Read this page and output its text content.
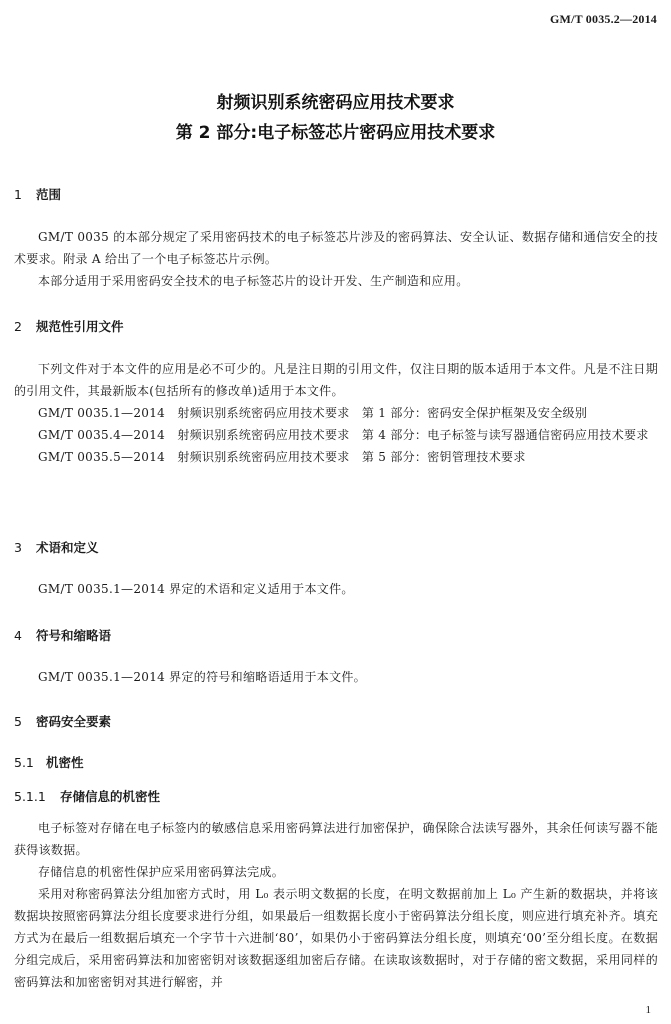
GM/T 0035.2—2014
射频识别系统密码应用技术要求
第 2 部分:电子标签芯片密码应用技术要求
1 范围

GM/T 0035 的本部分规定了采用密码技术的电子标签芯片涉及的密码算法、安全认证、数据存储和通信安全的技术要求。附录 A 给出了一个电子标签芯片示例。

本部分适用于采用密码安全技术的电子标签芯片的设计开发、生产制造和应用。

2 规范性引用文件

下列文件对于本文件的应用是必不可少的。凡是注日期的引用文件，仅注日期的版本适用于本文件。凡是不注日期的引用文件，其最新版本(包括所有的修改单)适用于本文件。

GM/T 0035.1—2014　射频识别系统密码应用技术要求　第 1 部分：密码安全保护框架及安全级别

GM/T 0035.4—2014　射频识别系统密码应用技术要求　第 4 部分：电子标签与读写器通信密码应用技术要求

GM/T 0035.5—2014　射频识别系统密码应用技术要求　第 5 部分：密钥管理技术要求

3 术语和定义

GM/T 0035.1—2014 界定的术语和定义适用于本文件。

4 符号和缩略语

GM/T 0035.1—2014 界定的符号和缩略语适用于本文件。

5 密码安全要素
5.1 机密性
5.1.1 存储信息的机密性

电子标签对存储在电子标签内的敏感信息采用密码算法进行加密保护，确保除合法读写器外，其余任何读写器不能获得该数据。

存储信息的机密性保护应采用密码算法完成。

采用对称密码算法分组加密方式时，用 L₀ 表示明文数据的长度，在明文数据前加上 L₀ 产生新的数据块，并将该数据块按照密码算法分组长度要求进行分组，如果最后一组数据长度小于密码算法分组长度，则应进行填充补齐。填充方式为在最后一组数据后填充一个字节十六进制‘80’，如果仍小于密码算法分组长度，则填充‘00’至分组长度。在数据分组完成后，采用密码算法和加密密钥对该数据逐组加密后存储。在读取该数据时，对于存储的密文数据，采用同样的密码算法和加密密钥对其进行解密，并

1
